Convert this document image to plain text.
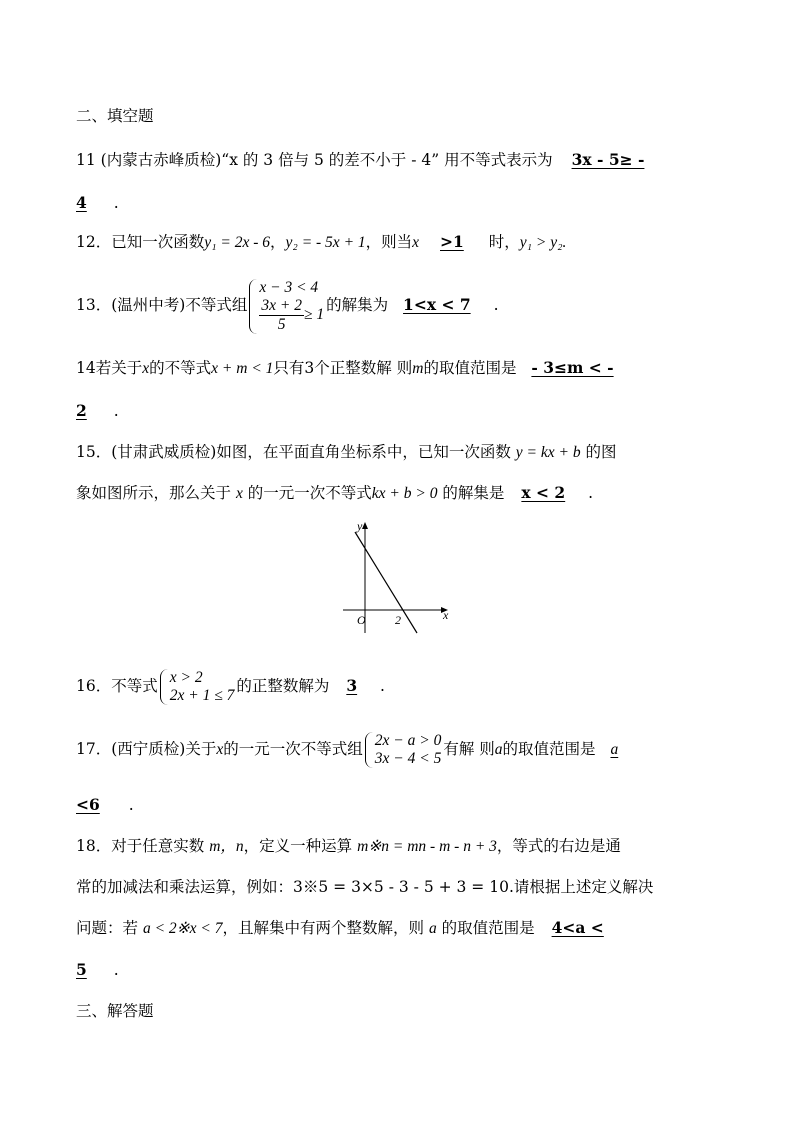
二、填空题
11 (内蒙古赤峰质检)“x 的 3 倍与 5 的差不小于 - 4” 用不等式表示为 3x - 5≥ -
4 .
12．已知一次函数y₁ = 2x - 6，y₂ = - 5x + 1，则当x >1 时，y₁ > y₂.
13．(温州中考)不等式组
x − 3 < 4
$\frac{3x + 2}{5} \ge 1$
的解集为 1<x < 7 .
14若关于x的不等式x + m < 1只有3个正整数解 则m的取值范围是 - 3≤m < -
2 .
15．(甘肃武威质检)如图，在平面直角坐标系中，已知一次函数 y = kx + b 的图
象如图所示，那么关于 x 的一元一次不等式kx + b > 0 的解集是 x < 2 .
y
x
O 2
16．不等式 x > 2
2x + 1 ≤ 7
的正整数解为 3 .
17．(西宁质检)关于x的一元一次不等式组 2x − a > 0
3x − 4 < 5
有解 则a的取值范围是 a
<6 .
18．对于任意实数 m，n，定义一种运算 m※n = mn - m - n + 3，等式的右边是通
常的加减法和乘法运算，例如：3※5 = 3×5 - 3 - 5 + 3 = 10.请根据上述定义解决
问题：若 a < 2※x < 7，且解集中有两个整数解，则 a 的取值范围是 4<a <
5 .
三、解答题
